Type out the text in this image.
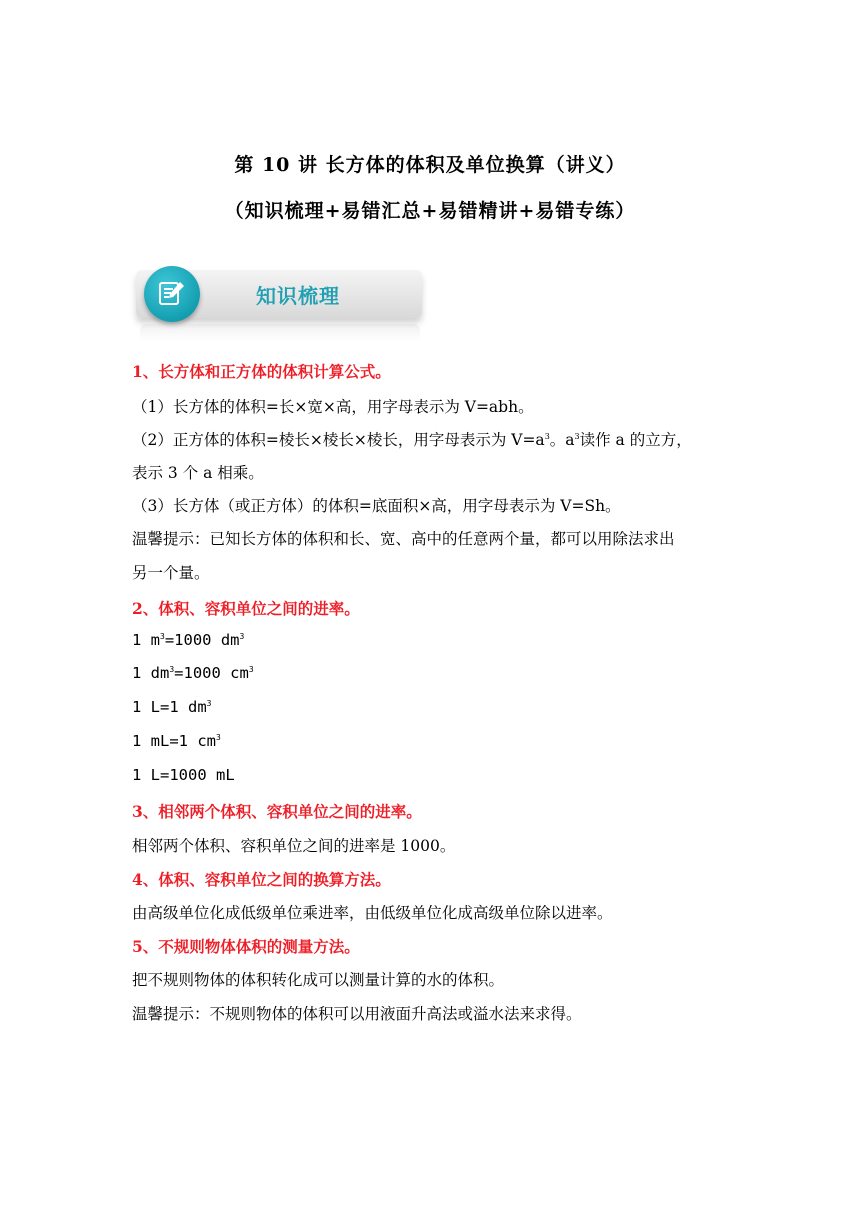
第 10 讲 长方体的体积及单位换算（讲义）
（知识梳理+易错汇总+易错精讲+易错专练）
知识梳理

1、长方体和正方体的体积计算公式。

（1）长方体的体积=长×宽×高，用字母表示为 V=abh。

（2）正方体的体积=棱长×棱长×棱长，用字母表示为 $V=a^3$。$a^3$读作 a 的立方，

表示 3 个 a 相乘。

（3）长方体（或正方体）的体积=底面积×高，用字母表示为 V=Sh。

温馨提示：已知长方体的体积和长、宽、高中的任意两个量，都可以用除法求出

另一个量。

2、体积、容积单位之间的进率。

1 $m^3=1000$ $dm^3$

1 $dm^3=1000$ $cm^3$

1 L=1 $dm^3$

1 mL=1 $cm^3$

1 L=1000 mL

3、相邻两个体积、容积单位之间的进率。

相邻两个体积、容积单位之间的进率是 1000。

4、体积、容积单位之间的换算方法。

由高级单位化成低级单位乘进率，由低级单位化成高级单位除以进率。

5、不规则物体体积的测量方法。

把不规则物体的体积转化成可以测量计算的水的体积。

温馨提示：不规则物体的体积可以用液面升高法或溢水法来求得。
